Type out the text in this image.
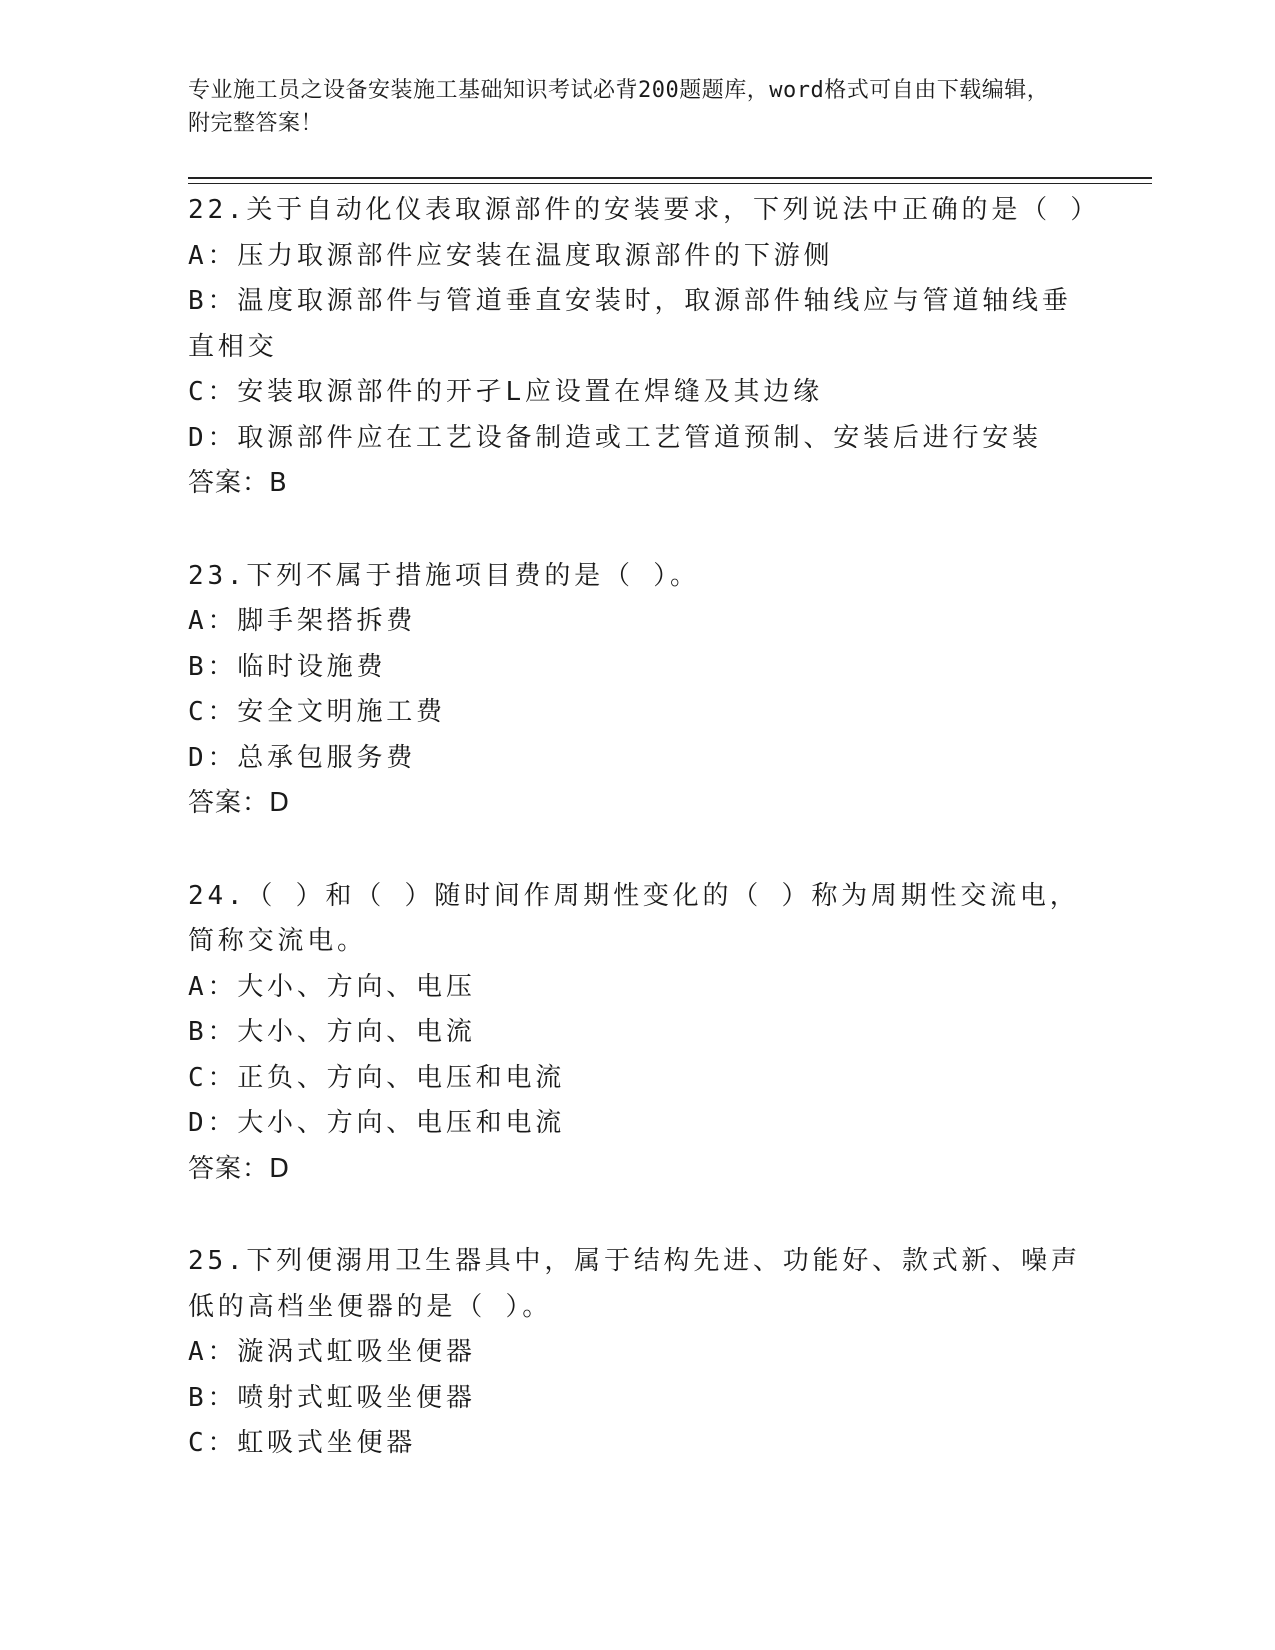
专业施工员之设备安装施工基础知识考试必背200题题库，word格式可自由下载编辑，附完整答案！
22.关于自动化仪表取源部件的安装要求，下列说法中正确的是（ ）
A：压力取源部件应安装在温度取源部件的下游侧
B：温度取源部件与管道垂直安装时，取源部件轴线应与管道轴线垂直相交
C：安装取源部件的开孑L应设置在焊缝及其边缘
D：取源部件应在工艺设备制造或工艺管道预制、安装后进行安装
答案：B
23.下列不属于措施项目费的是（ ）。
A：脚手架搭拆费
B：临时设施费
C：安全文明施工费
D：总承包服务费
答案：D
24.（ ）和（ ）随时间作周期性变化的（ ）称为周期性交流电，简称交流电。
A：大小、方向、电压
B：大小、方向、电流
C：正负、方向、电压和电流
D：大小、方向、电压和电流
答案：D
25.下列便溺用卫生器具中，属于结构先进、功能好、款式新、噪声低的高档坐便器的是（ ）。
A：漩涡式虹吸坐便器
B：喷射式虹吸坐便器
C：虹吸式坐便器
